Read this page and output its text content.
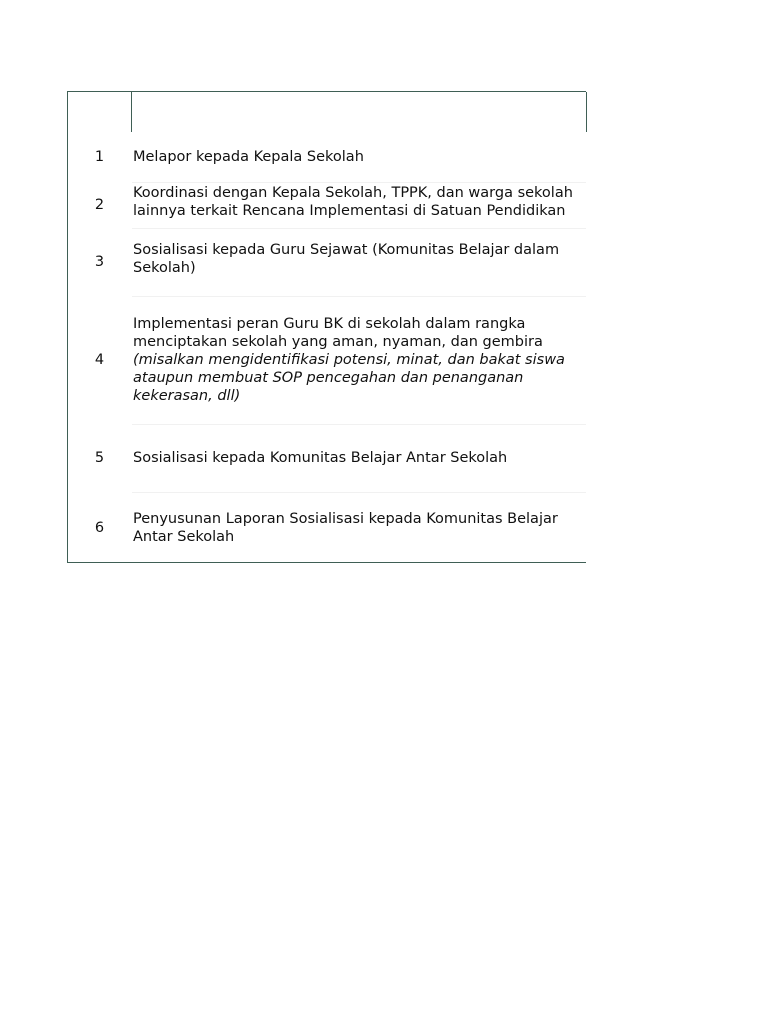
1	Melapor kepada Kepala Sekolah
2
Koordinasi dengan Kepala Sekolah, TPPK, dan warga sekolah lainnya terkait Rencana Implementasi di Satuan Pendidikan
3
Sosialisasi kepada Guru Sejawat (Komunitas Belajar dalam Sekolah)
4
Implementasi peran Guru BK di sekolah dalam rangka menciptakan sekolah yang aman, nyaman, dan gembira
(misalkan mengidentifikasi potensi, minat, dan bakat siswa ataupun membuat SOP pencegahan dan penanganan kekerasan, dll)
5	Sosialisasi kepada Komunitas Belajar Antar Sekolah
6
Penyusunan Laporan Sosialisasi kepada Komunitas Belajar Antar Sekolah
